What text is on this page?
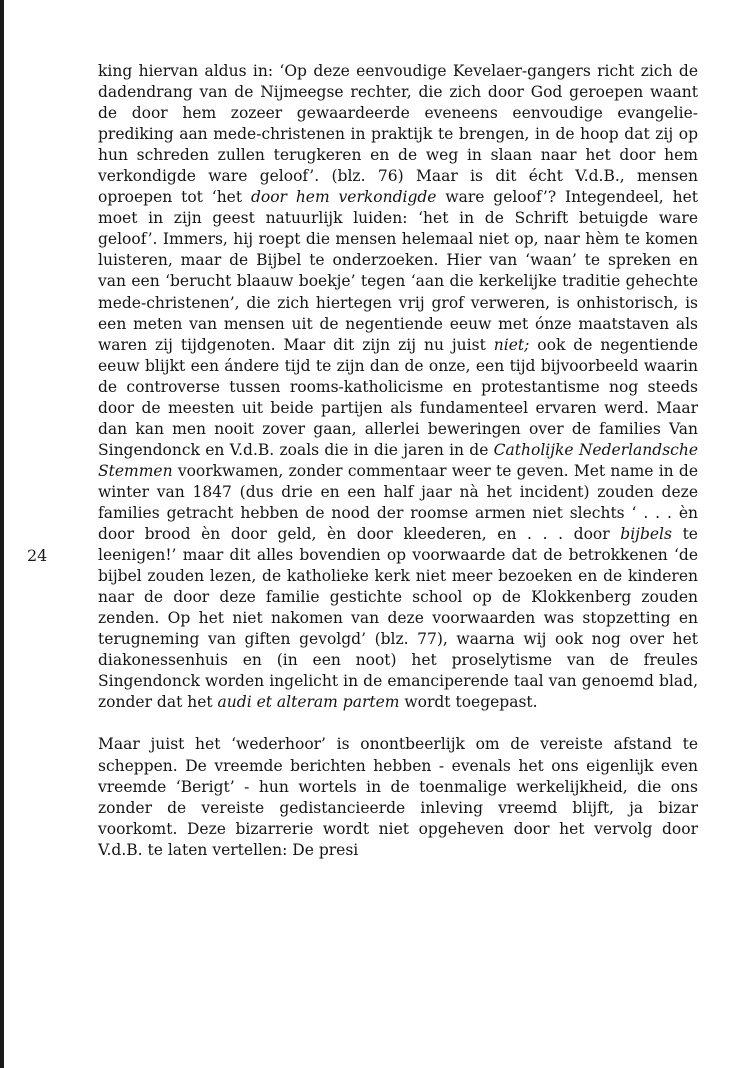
24

king hiervan aldus in: ‘Op deze eenvoudige Kevelaer-gangers richt zich de dadendrang van de Nijmeegse rechter, die zich door God geroepen waant de door hem zozeer gewaardeerde eveneens eenvoudige evangelie-prediking aan mede-christenen in praktijk te brengen, in de hoop dat zij op hun schreden zullen terugkeren en de weg in slaan naar het door hem verkondigde ware geloof’. (blz. 76) Maar is dit écht V.d.B., mensen oproepen tot ‘het door hem verkondigde ware geloof’? Integendeel, het moet in zijn geest natuurlijk luiden: ‘het in de Schrift betuigde ware geloof’. Immers, hij roept die mensen helemaal niet op, naar hèm te komen luisteren, maar de Bijbel te onderzoeken. Hier van ‘waan’ te spreken en van een ‘berucht blaauw boekje’ tegen ‘aan die kerkelijke traditie gehechte mede-christenen’, die zich hiertegen vrij grof verweren, is onhistorisch, is een meten van mensen uit de negentiende eeuw met ónze maatstaven als waren zij tijdgenoten. Maar dit zijn zij nu juist niet; ook de negentiende eeuw blijkt een ándere tijd te zijn dan de onze, een tijd bijvoorbeeld waarin de controverse tussen rooms-katholicisme en protestantisme nog steeds door de meesten uit beide partijen als fundamenteel ervaren werd. Maar dan kan men nooit zover gaan, allerlei beweringen over de families Van Singendonck en V.d.B. zoals die in die jaren in de Catholijke Nederlandsche Stemmen voorkwamen, zonder commentaar weer te geven. Met name in de winter van 1847 (dus drie en een half jaar nà het incident) zouden deze families getracht hebben de nood der roomse armen niet slechts ‘ . . . èn door brood èn door geld, èn door kleederen, en . . . door bijbels te leenigen!’ maar dit alles bovendien op voorwaarde dat de betrokkenen ‘de bijbel zouden lezen, de katholieke kerk niet meer bezoeken en de kinderen naar de door deze familie gestichte school op de Klokkenberg zouden zenden. Op het niet nakomen van deze voorwaarden was stopzetting en terugneming van giften gevolgd’ (blz. 77), waarna wij ook nog over het diakonessenhuis en (in een noot) het proselytisme van de freules Singendonck worden ingelicht in de emanciperende taal van genoemd blad, zonder dat het audi et alteram partem wordt toegepast.

Maar juist het ‘wederhoor’ is onontbeerlijk om de vereiste afstand te scheppen. De vreemde berichten hebben - evenals het ons eigenlijk even vreemde ‘Berigt’ - hun wortels in de toenmalige werkelijkheid, die ons zonder de vereiste gedistancieerde inleving vreemd blijft, ja bizar voorkomt. Deze bizarrerie wordt niet opgeheven door het vervolg door V.d.B. te laten vertellen: De presi
